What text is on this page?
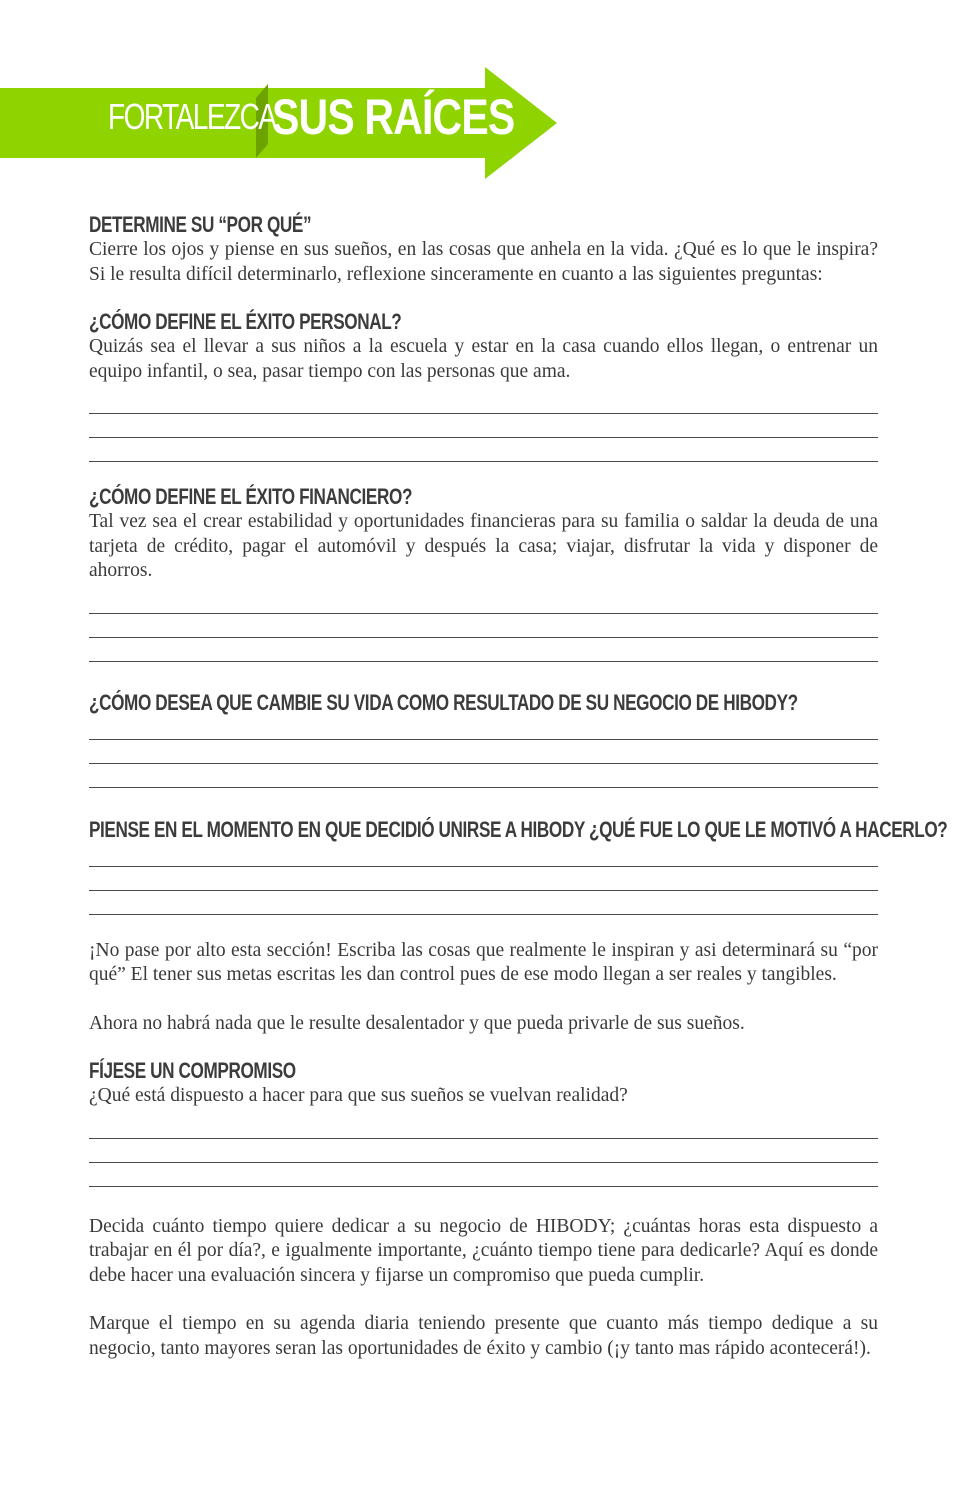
FORTALEZCA
SUS RAÍCES
DETERMINE SU “POR QUÉ”

Cierre los ojos y piense en sus sueños, en las cosas que anhela en la vida. ¿Qué es lo que le inspira? Si le resulta difícil determinarlo, reflexione sinceramente en cuanto a las siguientes preguntas:

¿CÓMO DEFINE EL ÉXITO PERSONAL?

Quizás sea el llevar a sus niños a la escuela y estar en la casa cuando ellos llegan, o entrenar un equipo infantil, o sea, pasar tiempo con las personas que ama.

¿CÓMO DEFINE EL ÉXITO FINANCIERO?

Tal vez sea el crear estabilidad y oportunidades financieras para su familia o saldar la deuda de una tarjeta de crédito, pagar el automóvil y después la casa; viajar, disfrutar la vida y disponer de ahorros.

¿CÓMO DESEA QUE CAMBIE SU VIDA COMO RESULTADO DE SU NEGOCIO DE HIBODY?
PIENSE EN EL MOMENTO EN QUE DECIDIÓ UNIRSE A HIBODY ¿QUÉ FUE LO QUE LE MOTIVÓ A HACERLO?

¡No pase por alto esta sección! Escriba las cosas que realmente le inspiran y asi determinará su “por qué” El tener sus metas escritas les dan control pues de ese modo llegan a ser reales y tangibles.

Ahora no habrá nada que le resulte desalentador y que pueda privarle de sus sueños.

FÍJESE UN COMPROMISO

¿Qué está dispuesto a hacer para que sus sueños se vuelvan realidad?

Decida cuánto tiempo quiere dedicar a su negocio de HIBODY; ¿cuántas horas esta dispuesto a trabajar en él por día?, e igualmente importante, ¿cuánto tiempo tiene para dedicarle? Aquí es donde debe hacer una evaluación sincera y fijarse un compromiso que pueda cumplir.

Marque el tiempo en su agenda diaria teniendo presente que cuanto más tiempo dedique a su negocio, tanto mayores seran las oportunidades de éxito y cambio (¡y tanto mas rápido acontecerá!).
